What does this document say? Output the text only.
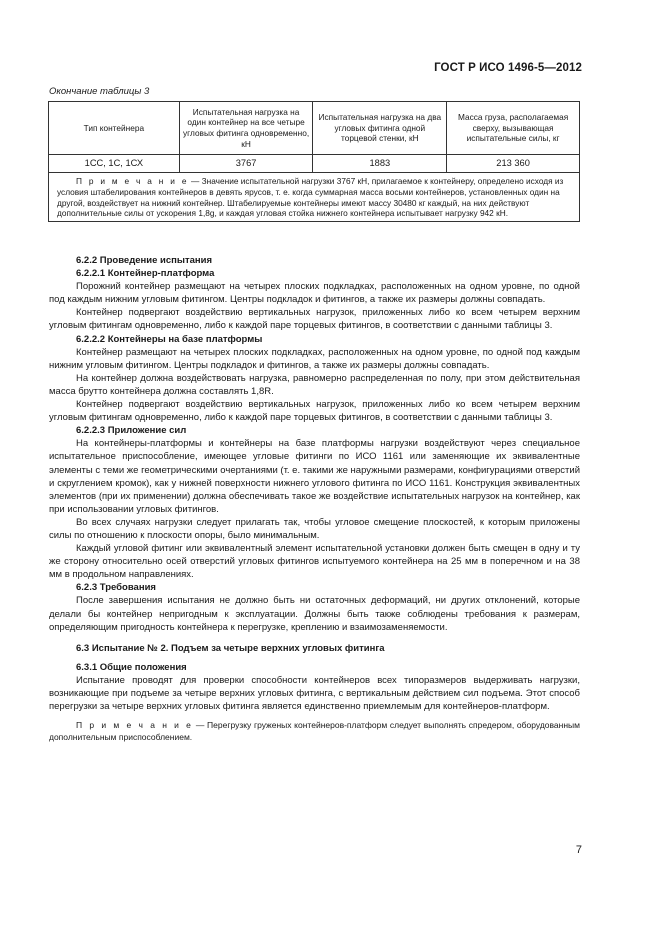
ГОСТ Р ИСО 1496-5—2012
Окончание таблицы 3
Тип контейнера	Испытательная нагрузка на один контейнер на все четыре угловых фитинга одновременно, кН	Испытательная нагрузка на два угловых фитинга одной торцевой стенки, кН	Масса груза, располагаемая сверху, вызывающая испытательные силы, кг
1СС, 1С, 1СХ	3767	1883	213 360
П р и м е ч а н и е — Значение испытательной нагрузки 3767 кН, прилагаемое к контейнеру, определено исходя из условия штабелирования контейнеров в девять ярусов, т. е. когда суммарная масса восьми контейнеров, установленных один на другой, воздействует на нижний контейнер. Штабелируемые контейнеры имеют массу 30480 кг каждый, на них действуют дополнительные силы от ускорения 1,8g, и каждая угловая стойка нижнего контейнера испытывает нагрузку 942 кН.			

6.2.2 Проведение испытания

6.2.2.1 Контейнер-платформа

Порожний контейнер размещают на четырех плоских подкладках, расположенных на одном уровне, по одной под каждым нижним угловым фитингом. Центры подкладок и фитингов, а также их размеры должны совпадать.

Контейнер подвергают воздействию вертикальных нагрузок, приложенных либо ко всем четырем верхним угловым фитингам одновременно, либо к каждой паре торцевых фитингов, в соответствии с данными таблицы 3.

6.2.2.2 Контейнеры на базе платформы

Контейнер размещают на четырех плоских подкладках, расположенных на одном уровне, по одной под каждым нижним угловым фитингом. Центры подкладок и фитингов, а также их размеры должны совпадать.

На контейнер должна воздействовать нагрузка, равномерно распределенная по полу, при этом действительная масса брутто контейнера должна составлять 1,8R.

Контейнер подвергают воздействию вертикальных нагрузок, приложенных либо ко всем четырем верхним угловым фитингам одновременно, либо к каждой паре торцевых фитингов, в соответствии с данными таблицы 3.

6.2.2.3 Приложение сил

На контейнеры-платформы и контейнеры на базе платформы нагрузки воздействуют через специальное испытательное приспособление, имеющее угловые фитинги по ИСО 1161 или заменяющие их эквивалентные элементы с теми же геометрическими очертаниями (т. е. такими же наружными размерами, конфигурациями отверстий и скруглением кромок), как у нижней поверхности нижнего углового фитинга по ИСО 1161. Конструкция эквивалентных элементов (при их применении) должна обеспечивать такое же воздействие испытательных нагрузок на контейнер, как при использовании угловых фитингов.

Во всех случаях нагрузки следует прилагать так, чтобы угловое смещение плоскостей, к которым приложены силы по отношению к плоскости опоры, было минимальным.

Каждый угловой фитинг или эквивалентный элемент испытательной установки должен быть смещен в одну и ту же сторону относительно осей отверстий угловых фитингов испытуемого контейнера на 25 мм в поперечном и на 38 мм в продольном направлениях.

6.2.3 Требования

После завершения испытания не должно быть ни остаточных деформаций, ни других отклонений, которые делали бы контейнер непригодным к эксплуатации. Должны быть также соблюдены требования к размерам, определяющим пригодность контейнера к перегрузке, креплению и взаимозаменяемости.

6.3 Испытание № 2. Подъем за четыре верхних угловых фитинга

6.3.1 Общие положения

Испытание проводят для проверки способности контейнеров всех типоразмеров выдерживать нагрузки, возникающие при подъеме за четыре верхних угловых фитинга, с вертикальным действием сил подъема. Этот способ перегрузки за четыре верхних угловых фитинга является единственно приемлемым для контейнеров-платформ.

П р и м е ч а н и е — Перегрузку груженых контейнеров-платформ следует выполнять спредером, оборудованным дополнительным приспособлением.

7
